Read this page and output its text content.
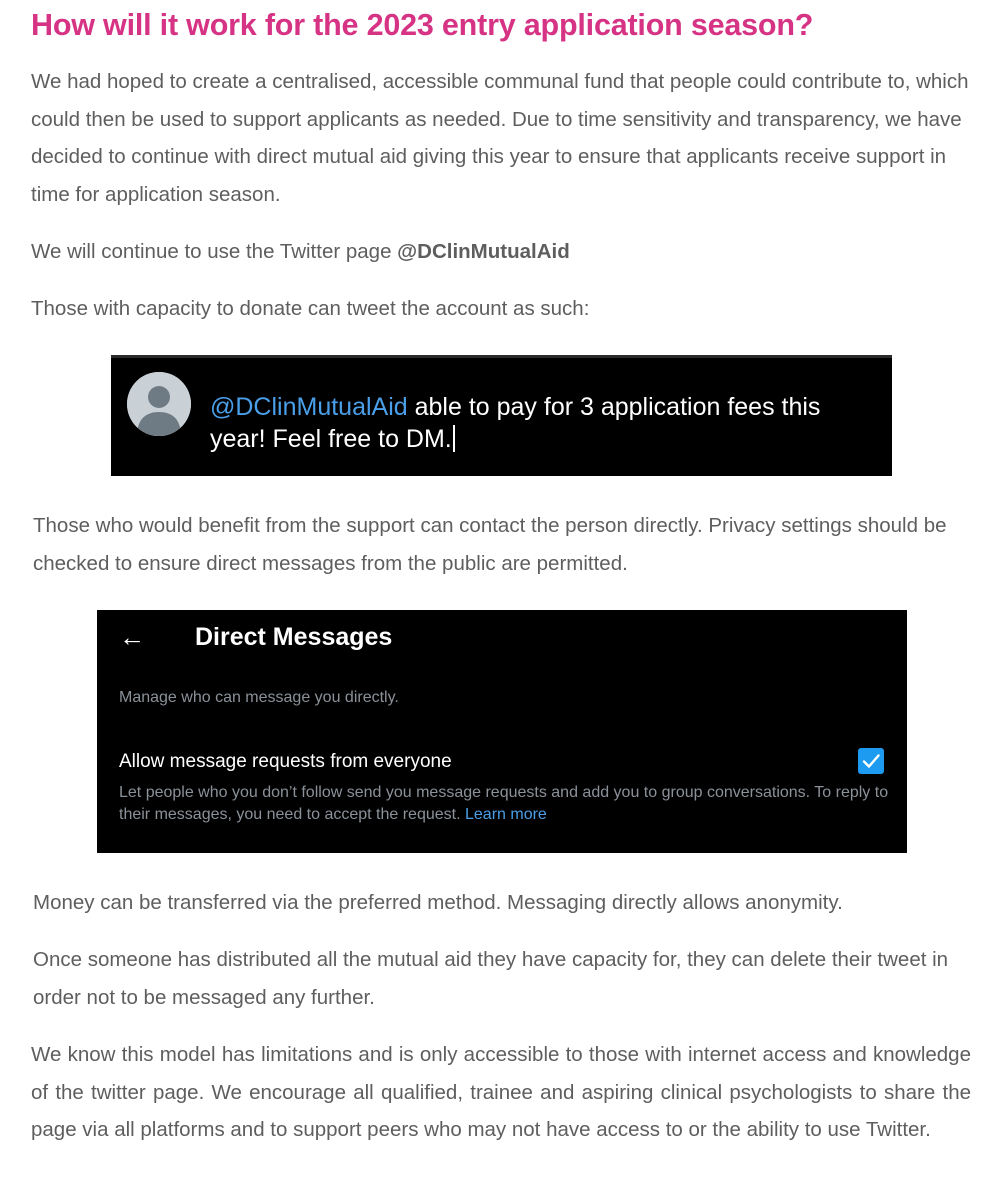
How will it work for the 2023 entry application season?

We had hoped to create a centralised, accessible communal fund that people could contribute to, which could then be used to support applicants as needed. Due to time sensitivity and transparency, we have decided to continue with direct mutual aid giving this year to ensure that applicants receive support in time for application season.

We will continue to use the Twitter page @DClinMutualAid

Those with capacity to donate can tweet the account as such:

@DClinMutualAid able to pay for 3 application fees this year! Feel free to DM.

Those who would benefit from the support can contact the person directly. Privacy settings should be checked to ensure direct messages from the public are permitted.

← Direct Messages
Manage who can message you directly.
Allow message requests from everyone
Let people who you don’t follow send you message requests and add you to group conversations. To reply to their messages, you need to accept the request. Learn more

Money can be transferred via the preferred method. Messaging directly allows anonymity.

Once someone has distributed all the mutual aid they have capacity for, they can delete their tweet in order not to be messaged any further.

We know this model has limitations and is only accessible to those with internet access and knowledge of the twitter page. We encourage all qualified, trainee and aspiring clinical psychologists to share the page via all platforms and to support peers who may not have access to or the ability to use Twitter.
